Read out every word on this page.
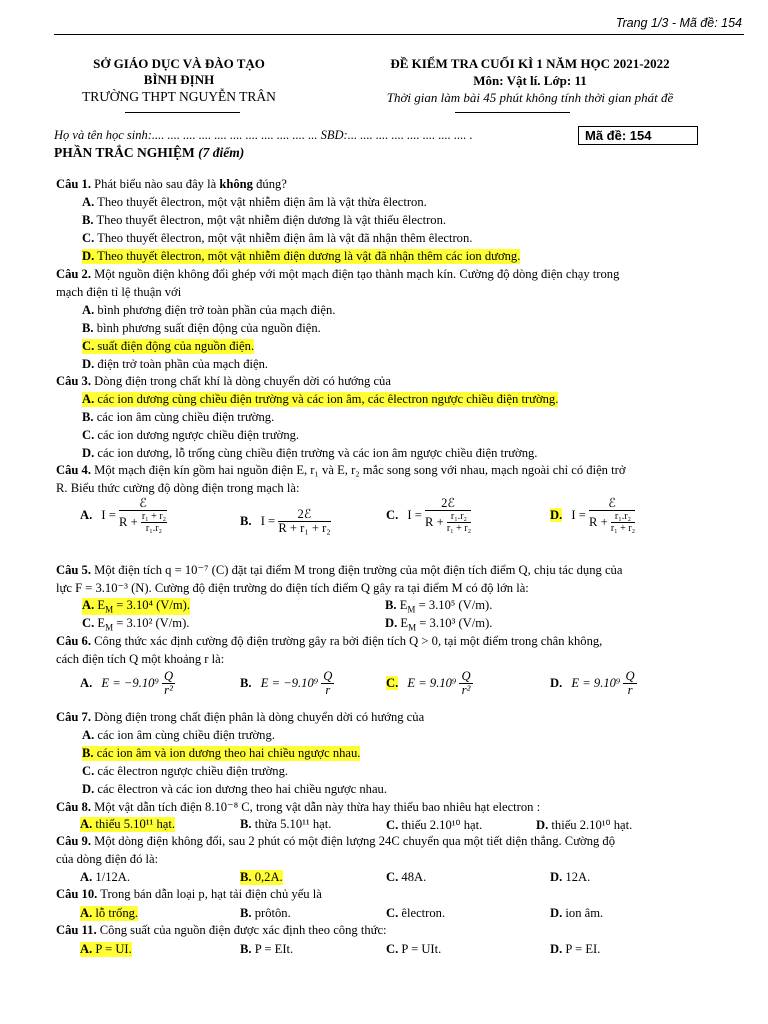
Trang 1/3 - Mã đề: 154
SỞ GIÁO DỤC VÀ ĐÀO TẠO
BÌNH ĐỊNH
TRƯỜNG THPT NGUYỄN TRÂN
ĐỀ KIỂM TRA CUỐI KÌ 1 NĂM HỌC 2021-2022
Môn: Vật lí. Lớp: 11
Thời gian làm bài 45 phút không tính thời gian phát đề
Họ và tên học sinh:.... .... .... .... .... .... .... .... .... .... ... SBD:... .... .... .... .... .... .... .... .	Mã đề: 154
PHẦN TRẮC NGHIỆM (7 điểm)
Câu 1. Phát biểu nào sau đây là không đúng?
A. Theo thuyết êlectron, một vật nhiễm điện âm là vật thừa êlectron.
B. Theo thuyết êlectron, một vật nhiễm điện dương là vật thiếu êlectron.
C. Theo thuyết êlectron, một vật nhiễm điện âm là vật đã nhận thêm êlectron.
D. Theo thuyết êlectron, một vật nhiễm điện dương là vật đã nhận thêm các ion dương.
Câu 2. Một nguồn điện không đổi ghép với một mạch điện tạo thành mạch kín. Cường độ dòng điện chạy trong
mạch điện tỉ lệ thuận với
A. bình phương điện trở toàn phần của mạch điện.
B. bình phương suất điện động của nguồn điện.
C. suất điện động của nguồn điện.
D. điện trở toàn phần của mạch điện.
Câu 3. Dòng điện trong chất khí là dòng chuyển dời có hướng của
A. các ion dương cùng chiều điện trường và các ion âm, các êlectron ngược chiều điện trường.
B. các ion âm cùng chiều điện trường.
C. các ion dương ngược chiều điện trường.
D. các ion dương, lỗ trống cùng chiều điện trường và các ion âm ngược chiều điện trường.
Câu 4. Một mạch điện kín gồm hai nguồn điện E, r₁ và E, r₂ mắc song song với nhau, mạch ngoài chỉ có điện trở
R. Biểu thức cường độ dòng điện trong mạch là:
A. $I = \frac{\text{ℰ}}{R + \frac{\text{r₁ + r₂}}{\text{r₁.r₂}}}$	B. $I = \frac{\text{2ℰ}}{\text{R + r₁ + r₂}}$	C. $I = \frac{\text{2ℰ}}{R + \frac{\text{r₁.r₂}}{\text{r₁ + r₂}}}$	D. $I = \frac{\text{ℰ}}{R + \frac{\text{r₁.r₂}}{\text{r₁ + r₂}}}$
Câu 5. Một điện tích q = 10⁻⁷ (C) đặt tại điểm M trong điện trường của một điện tích điểm Q, chịu tác dụng của
lực F = 3.10⁻³ (N). Cường độ điện trường do điện tích điểm Q gây ra tại điểm M có độ lớn là:
A. $E_M = 3.10^4$ (V/m).	B. $E_M = 3.10^5$ (V/m).
C. $E_M = 3.10^2$ (V/m).	D. $E_M = 3.10^3$ (V/m).
Câu 6. Công thức xác định cường độ điện trường gây ra bởi điện tích Q > 0, tại một điểm trong chân không,
cách điện tích Q một khoảng r là:
A. $E = -9.10^9 \frac{Q}{\text{r²}}$	B. $E = -9.10^9 \frac{Q}{r}$	C. $E = 9.10^9 \frac{Q}{\text{r²}}$	D. $E = 9.10^9 \frac{Q}{r}$
Câu 7. Dòng điện trong chất điện phân là dòng chuyển dời có hướng của
A. các ion âm cùng chiều điện trường.
B. các ion âm và ion dương theo hai chiều ngược nhau.
C. các êlectron ngược chiều điện trường.
D. các êlectron và các ion dương theo hai chiều ngược nhau.
Câu 8. Một vật dẫn tích điện 8.10⁻⁸ C, trong vật dẫn này thừa hay thiếu bao nhiêu hạt electron :
A. thiếu 5.10¹¹ hạt.	B. thừa 5.10¹¹ hạt.	C. thiếu 2.10¹⁰ hạt.	D. thiếu 2.10¹⁰ hạt.
Câu 9. Một dòng điện không đổi, sau 2 phút có một điện lượng 24C chuyển qua một tiết diện thẳng. Cường độ
của dòng điện đó là:
A. 1/12A.	B. 0,2A.	C. 48A.	D. 12A.
Câu 10. Trong bán dẫn loại p, hạt tải điện chủ yếu là
A. lỗ trống.	B. prôtôn.	C. êlectron.	D. ion âm.
Câu 11. Công suất của nguồn điện được xác định theo công thức:
A. P = UI.	B. P = EIt.	C. P = UIt.	D. P = EI.
